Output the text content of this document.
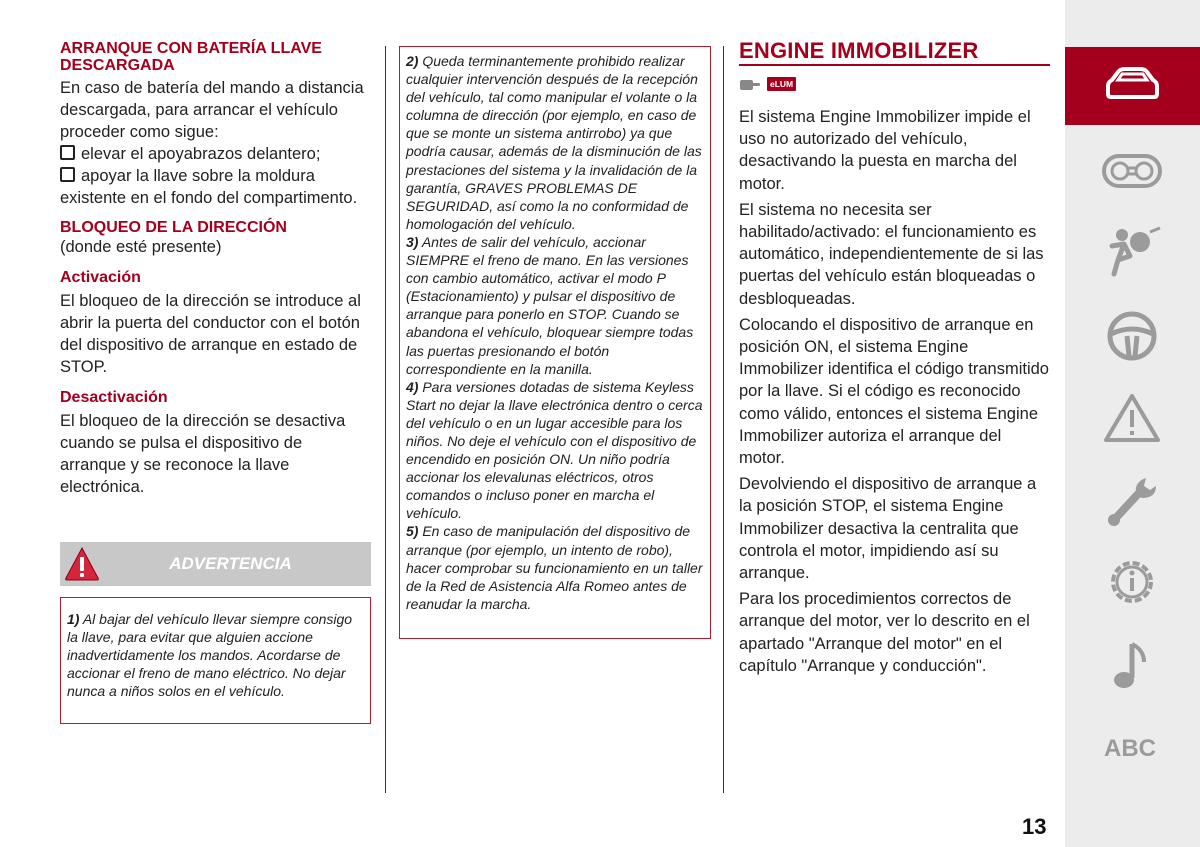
ARRANQUE CON BATERÍA LLAVE DESCARGADA

En caso de batería del mando a distancia descargada, para arrancar el vehículo proceder como sigue:

elevar el apoyabrazos delantero;

apoyar la llave sobre la moldura existente en el fondo del compartimento.
BLOQUEO DE LA DIRECCIÓN

(donde esté presente)

Activación

El bloqueo de la dirección se introduce al abrir la puerta del conductor con el botón del dispositivo de arranque en estado de STOP.

Desactivación

El bloqueo de la dirección se desactiva cuando se pulsa el dispositivo de arranque y se reconoce la llave electrónica.

ADVERTENCIA

1) Al bajar del vehículo llevar siempre consigo la llave, para evitar que alguien accione inadvertidamente los mandos. Acordarse de accionar el freno de mano eléctrico. No dejar nunca a niños solos en el vehículo.

2) Queda terminantemente prohibido realizar cualquier intervención después de la recepción del vehículo, tal como manipular el volante o la columna de dirección (por ejemplo, en caso de que se monte un sistema antirrobo) ya que podría causar, además de la disminución de las prestaciones del sistema y la invalidación de la garantía, GRAVES PROBLEMAS DE SEGURIDAD, así como la no conformidad de homologación del vehículo.

3) Antes de salir del vehículo, accionar SIEMPRE el freno de mano. En las versiones con cambio automático, activar el modo P (Estacionamiento) y pulsar el dispositivo de arranque para ponerlo en STOP. Cuando se abandona el vehículo, bloquear siempre todas las puertas presionando el botón correspondiente en la manilla.

4) Para versiones dotadas de sistema Keyless Start no dejar la llave electrónica dentro o cerca del vehículo o en un lugar accesible para los niños. No deje el vehículo con el dispositivo de encendido en posición ON. Un niño podría accionar los elevalunas eléctricos, otros comandos o incluso poner en marcha el vehículo.

5) En caso de manipulación del dispositivo de arranque (por ejemplo, un intento de robo), hacer comprobar su funcionamiento en un taller de la Red de Asistencia Alfa Romeo antes de reanudar la marcha.

ENGINE IMMOBILIZER
eLUM

El sistema Engine Immobilizer impide el uso no autorizado del vehículo, desactivando la puesta en marcha del motor.

El sistema no necesita ser habilitado/activado: el funcionamiento es automático, independientemente de si las puertas del vehículo están bloqueadas o desbloqueadas.

Colocando el dispositivo de arranque en posición ON, el sistema Engine Immobilizer identifica el código transmitido por la llave. Si el código es reconocido como válido, entonces el sistema Engine Immobilizer autoriza el arranque del motor.

Devolviendo el dispositivo de arranque a la posición STOP, el sistema Engine Immobilizer desactiva la centralita que controla el motor, impidiendo así su arranque.

Para los procedimientos correctos de arranque del motor, ver lo descrito en el apartado "Arranque del motor" en el capítulo "Arranque y conducción".

ABC
13
